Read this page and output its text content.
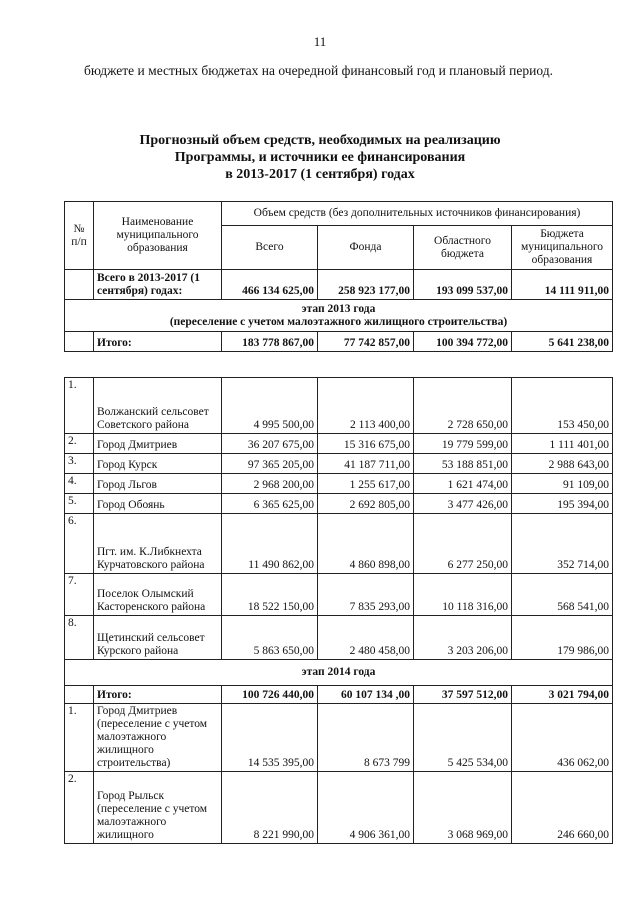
11
бюджете и местных бюджетах на очередной финансовый год и плановый период.
Прогнозный объем средств, необходимых на реализацию
Программы, и источники ее финансирования
в 2013-2017 (1 сентября) годах
№ п/п	Наименование муниципального образования	Объем средств (без дополнительных источников финансирования)			
		Всего	Фонда	Областного бюджета	Бюджета муниципального образования
	Всего в 2013-2017 (1 сентября) годах:	466 134 625,00	258 923 177,00	193 099 537,00	14 111 911,00

этап 2013 года
(переселение с учетом малоэтажного жилищного строительства)					

	Итого:	183 778 867,00	77 742 857,00	100 394 772,00	5 641 238,00
1.	Волжанский сельсовет Советского района	4 995 500,00	2 113 400,00	2 728 650,00	153 450,00
2.	Город Дмитриев	36 207 675,00	15 316 675,00	19 779 599,00	1 111 401,00
3.	Город Курск	97 365 205,00	41 187 711,00	53 188 851,00	2 988 643,00
4.	Город Льгов	2 968 200,00	1 255 617,00	1 621 474,00	91 109,00
5.	Город Обоянь	6 365 625,00	2 692 805,00	3 477 426,00	195 394,00
6.	Пгт. им. К.Либкнехта Курчатовского района	11 490 862,00	4 860 898,00	6 277 250,00	352 714,00
7.	Поселок Олымский Касторенского района	18 522 150,00	7 835 293,00	10 118 316,00	568 541,00
8.	Щетинский сельсовет Курского района	5 863 650,00	2 480 458,00	3 203 206,00	179 986,00
этап 2014 года					
	Итого:	100 726 440,00	60 107 134 ,00	37 597 512,00	3 021 794,00
1.	Город Дмитриев (переселение с учетом малоэтажного жилищного строительства)	14 535 395,00	8 673 799	5 425 534,00	436 062,00
2.	Город Рыльск (переселение с учетом малоэтажного жилищного	8 221 990,00	4 906 361,00	3 068 969,00	246 660,00
